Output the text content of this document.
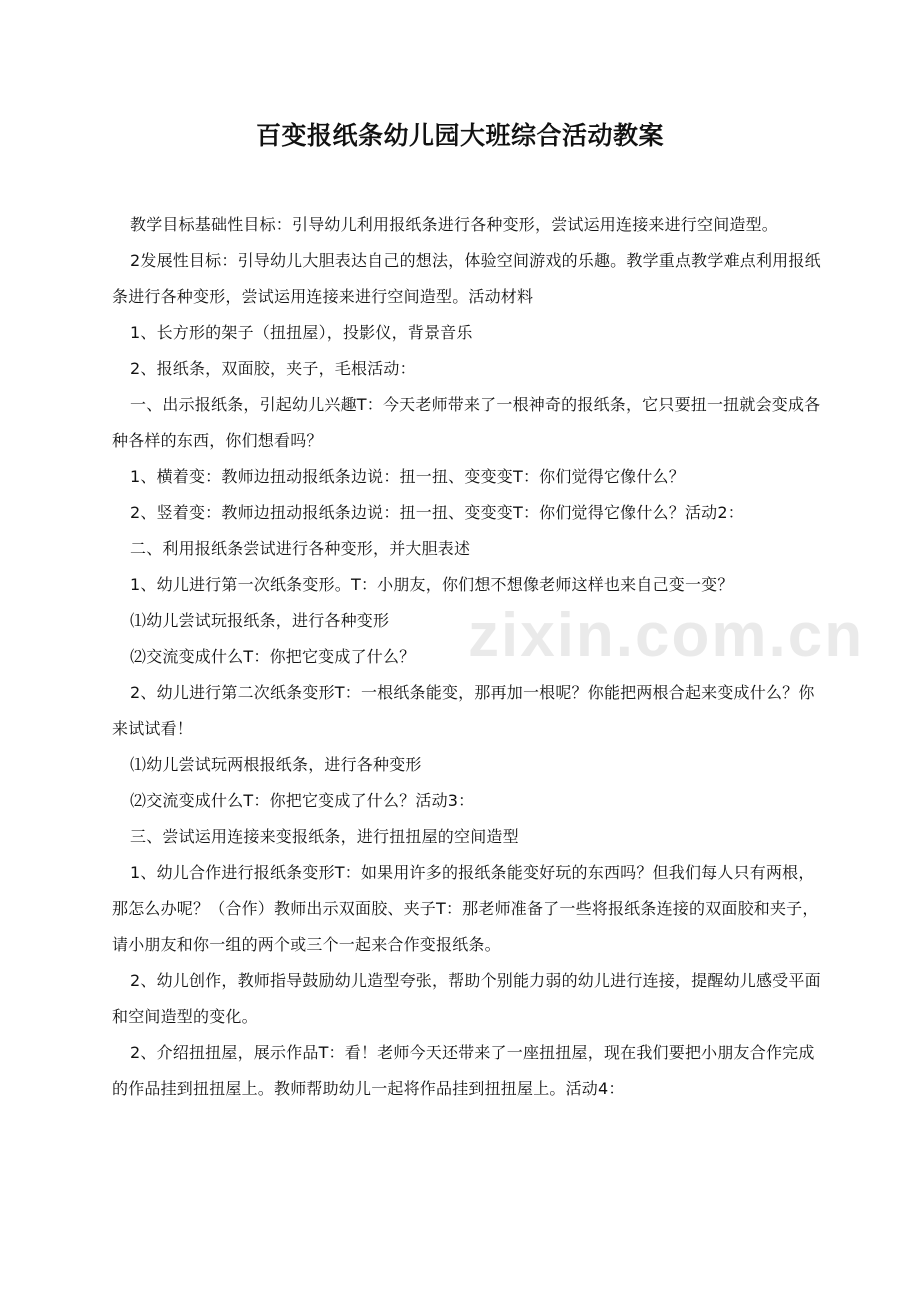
zixin.com.cn
百变报纸条幼儿园大班综合活动教案

教学目标基础性目标：引导幼儿利用报纸条进行各种变形，尝试运用连接来进行空间造型。

2发展性目标：引导幼儿大胆表达自己的想法，体验空间游戏的乐趣。教学重点教学难点利用报纸条进行各种变形，尝试运用连接来进行空间造型。活动材料

1、长方形的架子（扭扭屋），投影仪，背景音乐

2、报纸条，双面胶，夹子，毛根活动：

一、出示报纸条，引起幼儿兴趣T：今天老师带来了一根神奇的报纸条，它只要扭一扭就会变成各种各样的东西，你们想看吗？

1、横着变：教师边扭动报纸条边说：扭一扭、变变变T：你们觉得它像什么？

2、竖着变：教师边扭动报纸条边说：扭一扭、变变变T：你们觉得它像什么？活动2：

二、利用报纸条尝试进行各种变形，并大胆表述

1、幼儿进行第一次纸条变形。T：小朋友，你们想不想像老师这样也来自己变一变？

⑴幼儿尝试玩报纸条，进行各种变形

⑵交流变成什么T：你把它变成了什么？

2、幼儿进行第二次纸条变形T：一根纸条能变，那再加一根呢？你能把两根合起来变成什么？你来试试看！

⑴幼儿尝试玩两根报纸条，进行各种变形

⑵交流变成什么T：你把它变成了什么？活动3：

三、尝试运用连接来变报纸条，进行扭扭屋的空间造型

1、幼儿合作进行报纸条变形T：如果用许多的报纸条能变好玩的东西吗？但我们每人只有两根，那怎么办呢？（合作）教师出示双面胶、夹子T：那老师准备了一些将报纸条连接的双面胶和夹子，请小朋友和你一组的两个或三个一起来合作变报纸条。

2、幼儿创作，教师指导鼓励幼儿造型夸张，帮助个别能力弱的幼儿进行连接，提醒幼儿感受平面和空间造型的变化。

2、介绍扭扭屋，展示作品T：看！老师今天还带来了一座扭扭屋，现在我们要把小朋友合作完成的作品挂到扭扭屋上。教师帮助幼儿一起将作品挂到扭扭屋上。活动4：
